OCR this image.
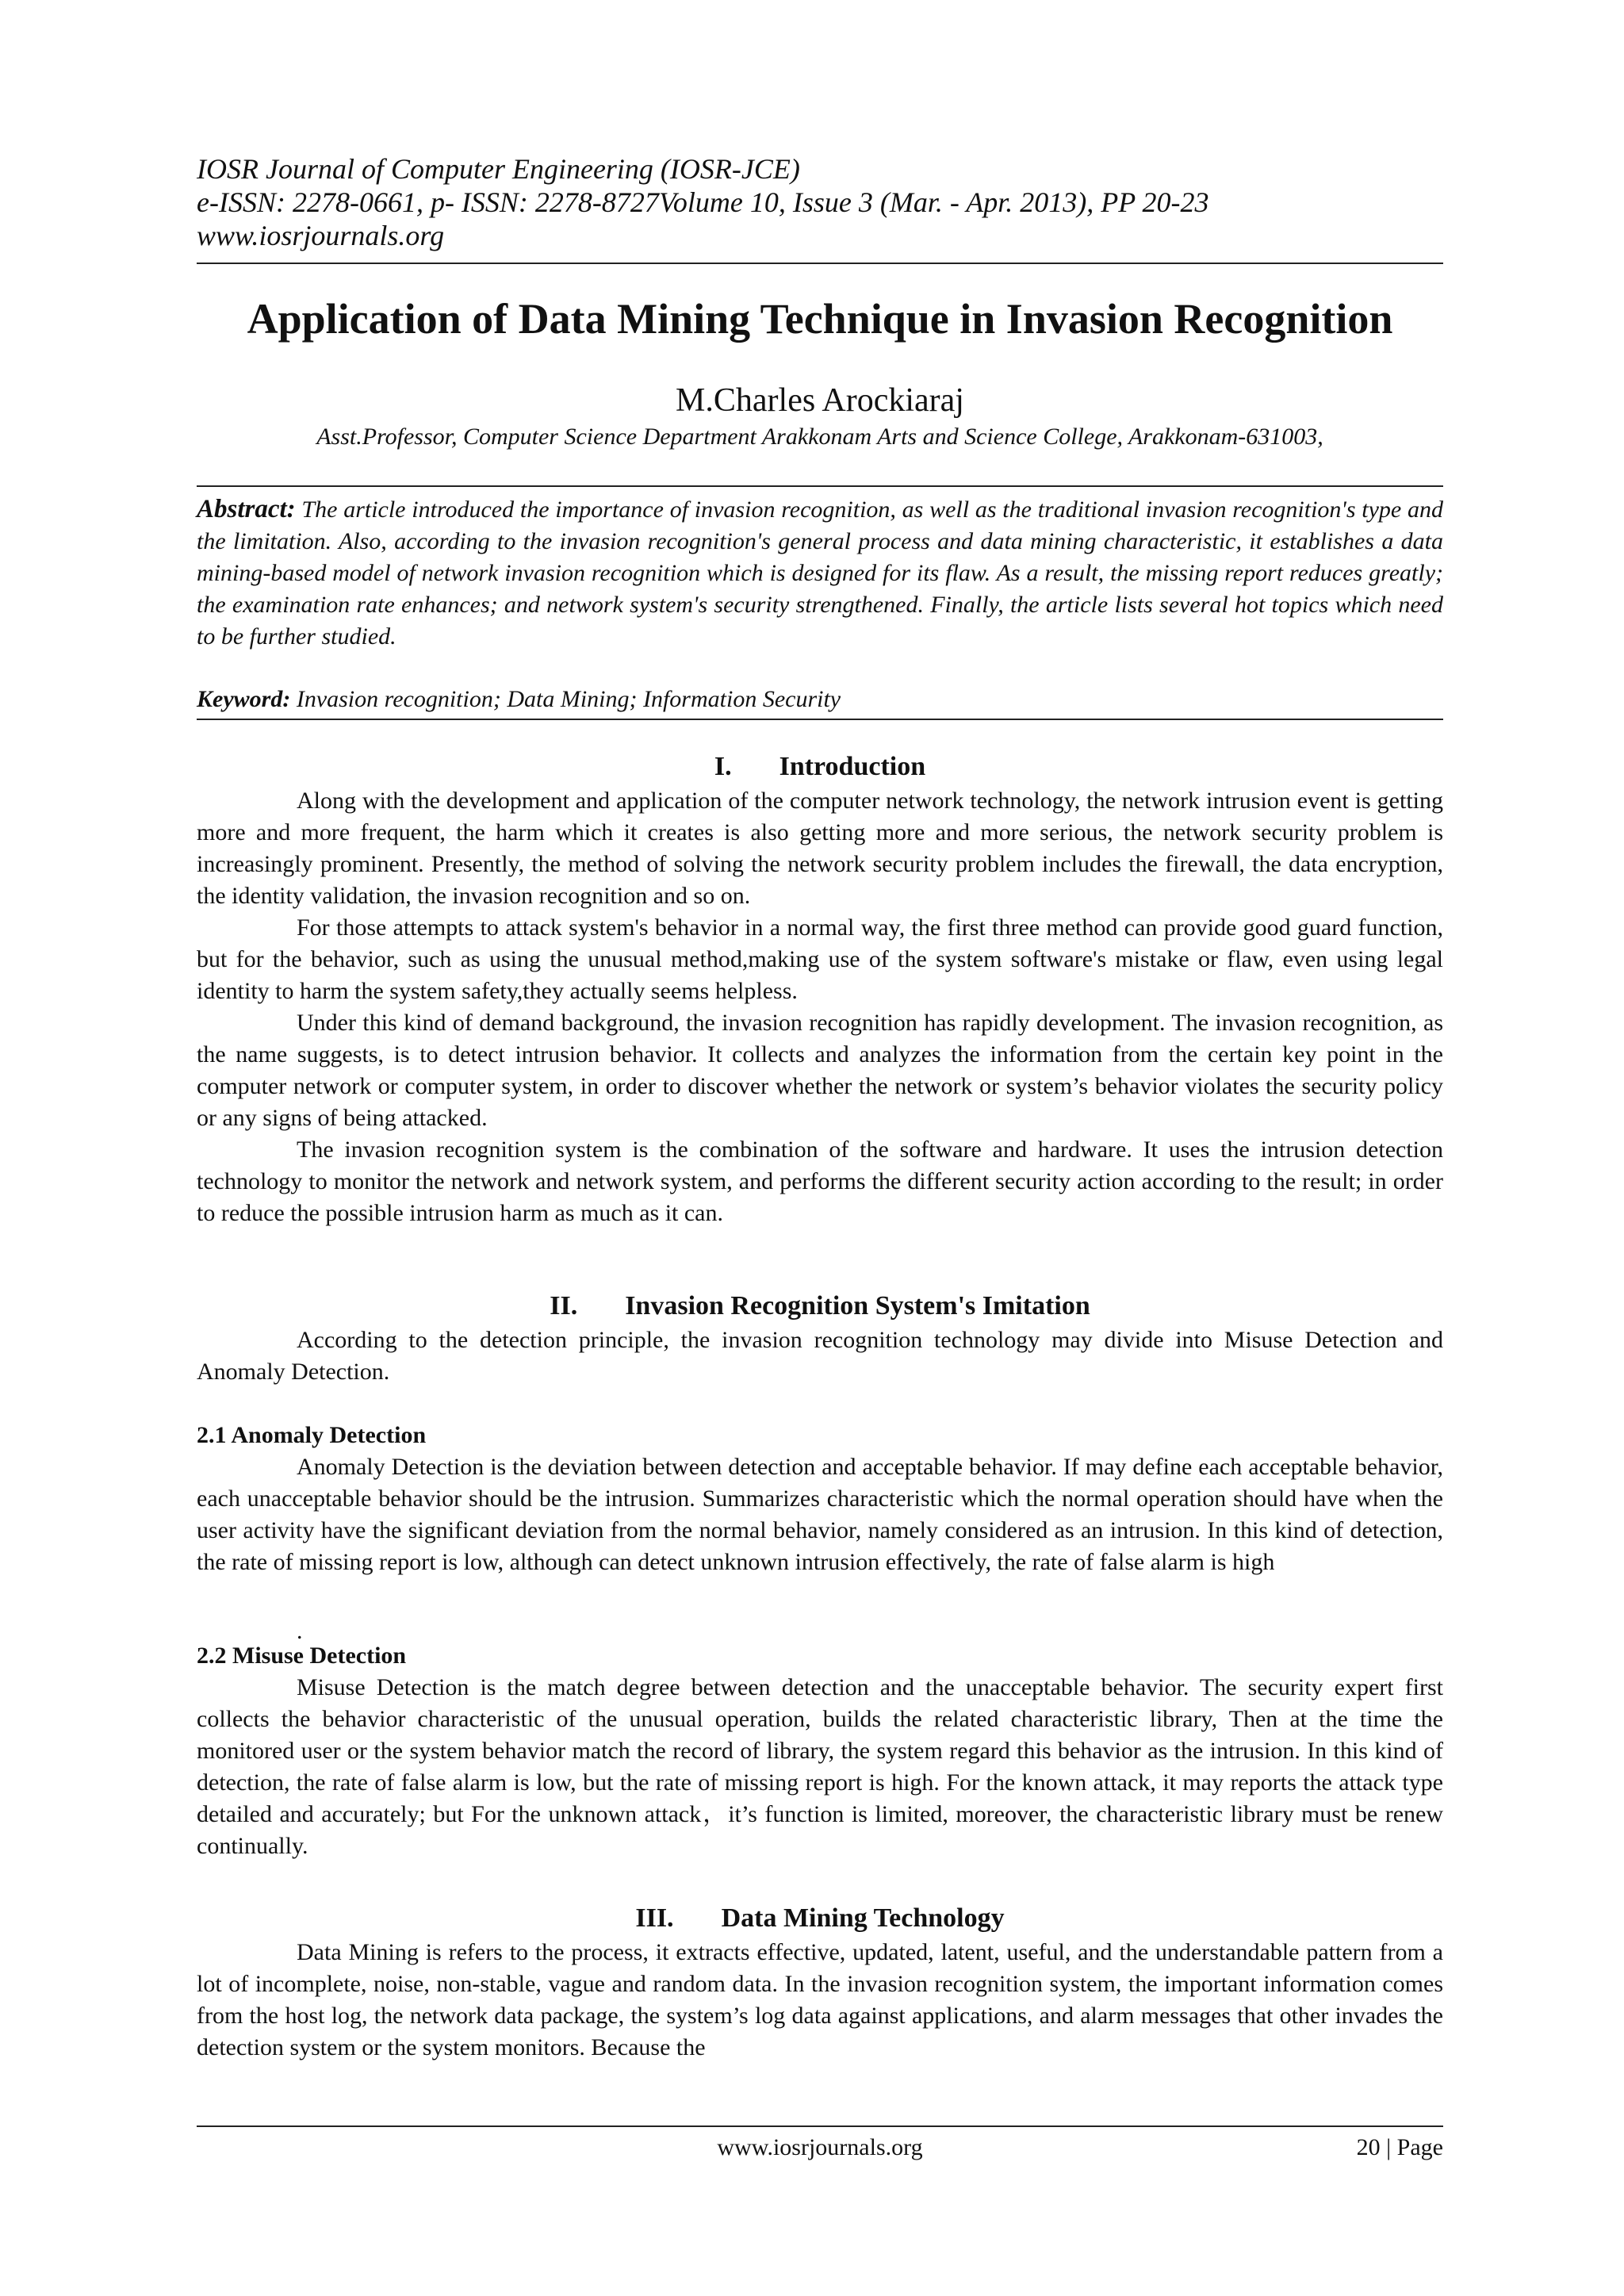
IOSR Journal of Computer Engineering (IOSR-JCE)
e-ISSN: 2278-0661, p- ISSN: 2278-8727Volume 10, Issue 3 (Mar. - Apr. 2013), PP 20-23
www.iosrjournals.org
Application of Data Mining Technique in Invasion Recognition
M.Charles Arockiaraj
Asst.Professor, Computer Science Department Arakkonam Arts and Science College, Arakkonam-631003,
Abstract: The article introduced the importance of invasion recognition, as well as the traditional invasion recognition's type and the limitation. Also, according to the invasion recognition's general process and data mining characteristic, it establishes a data mining-based model of network invasion recognition which is designed for its flaw. As a result, the missing report reduces greatly; the examination rate enhances; and network system's security strengthened. Finally, the article lists several hot topics which need to be further studied.
Keyword: Invasion recognition; Data Mining; Information Security
I. Introduction

Along with the development and application of the computer network technology, the network intrusion event is getting more and more frequent, the harm which it creates is also getting more and more serious, the network security problem is increasingly prominent. Presently, the method of solving the network security problem includes the firewall, the data encryption, the identity validation, the invasion recognition and so on.

For those attempts to attack system's behavior in a normal way, the first three method can provide good guard function, but for the behavior, such as using the unusual method,making use of the system software's mistake or flaw, even using legal identity to harm the system safety,they actually seems helpless.

Under this kind of demand background, the invasion recognition has rapidly development. The invasion recognition, as the name suggests, is to detect intrusion behavior. It collects and analyzes the information from the certain key point in the computer network or computer system, in order to discover whether the network or system’s behavior violates the security policy or any signs of being attacked.

The invasion recognition system is the combination of the software and hardware. It uses the intrusion detection technology to monitor the network and network system, and performs the different security action according to the result; in order to reduce the possible intrusion harm as much as it can.

II. Invasion Recognition System's Imitation

According to the detection principle, the invasion recognition technology may divide into Misuse Detection and Anomaly Detection.

2.1 Anomaly Detection

Anomaly Detection is the deviation between detection and acceptable behavior. If may define each acceptable behavior, each unacceptable behavior should be the intrusion. Summarizes characteristic which the normal operation should have when the user activity have the significant deviation from the normal behavior, namely considered as an intrusion. In this kind of detection, the rate of missing report is low, although can detect unknown intrusion effectively, the rate of false alarm is high

.
2.2 Misuse Detection

Misuse Detection is the match degree between detection and the unacceptable behavior. The security expert first collects the behavior characteristic of the unusual operation, builds the related characteristic library, Then at the time the monitored user or the system behavior match the record of library, the system regard this behavior as the intrusion. In this kind of detection, the rate of false alarm is low, but the rate of missing report is high. For the known attack, it may reports the attack type detailed and accurately; but For the unknown attack，it’s function is limited, moreover, the characteristic library must be renew continually.

III. Data Mining Technology

Data Mining is refers to the process, it extracts effective, updated, latent, useful, and the understandable pattern from a lot of incomplete, noise, non-stable, vague and random data. In the invasion recognition system, the important information comes from the host log, the network data package, the system’s log data against applications, and alarm messages that other invades the detection system or the system monitors. Because the

www.iosrjournals.org	20 | Page
